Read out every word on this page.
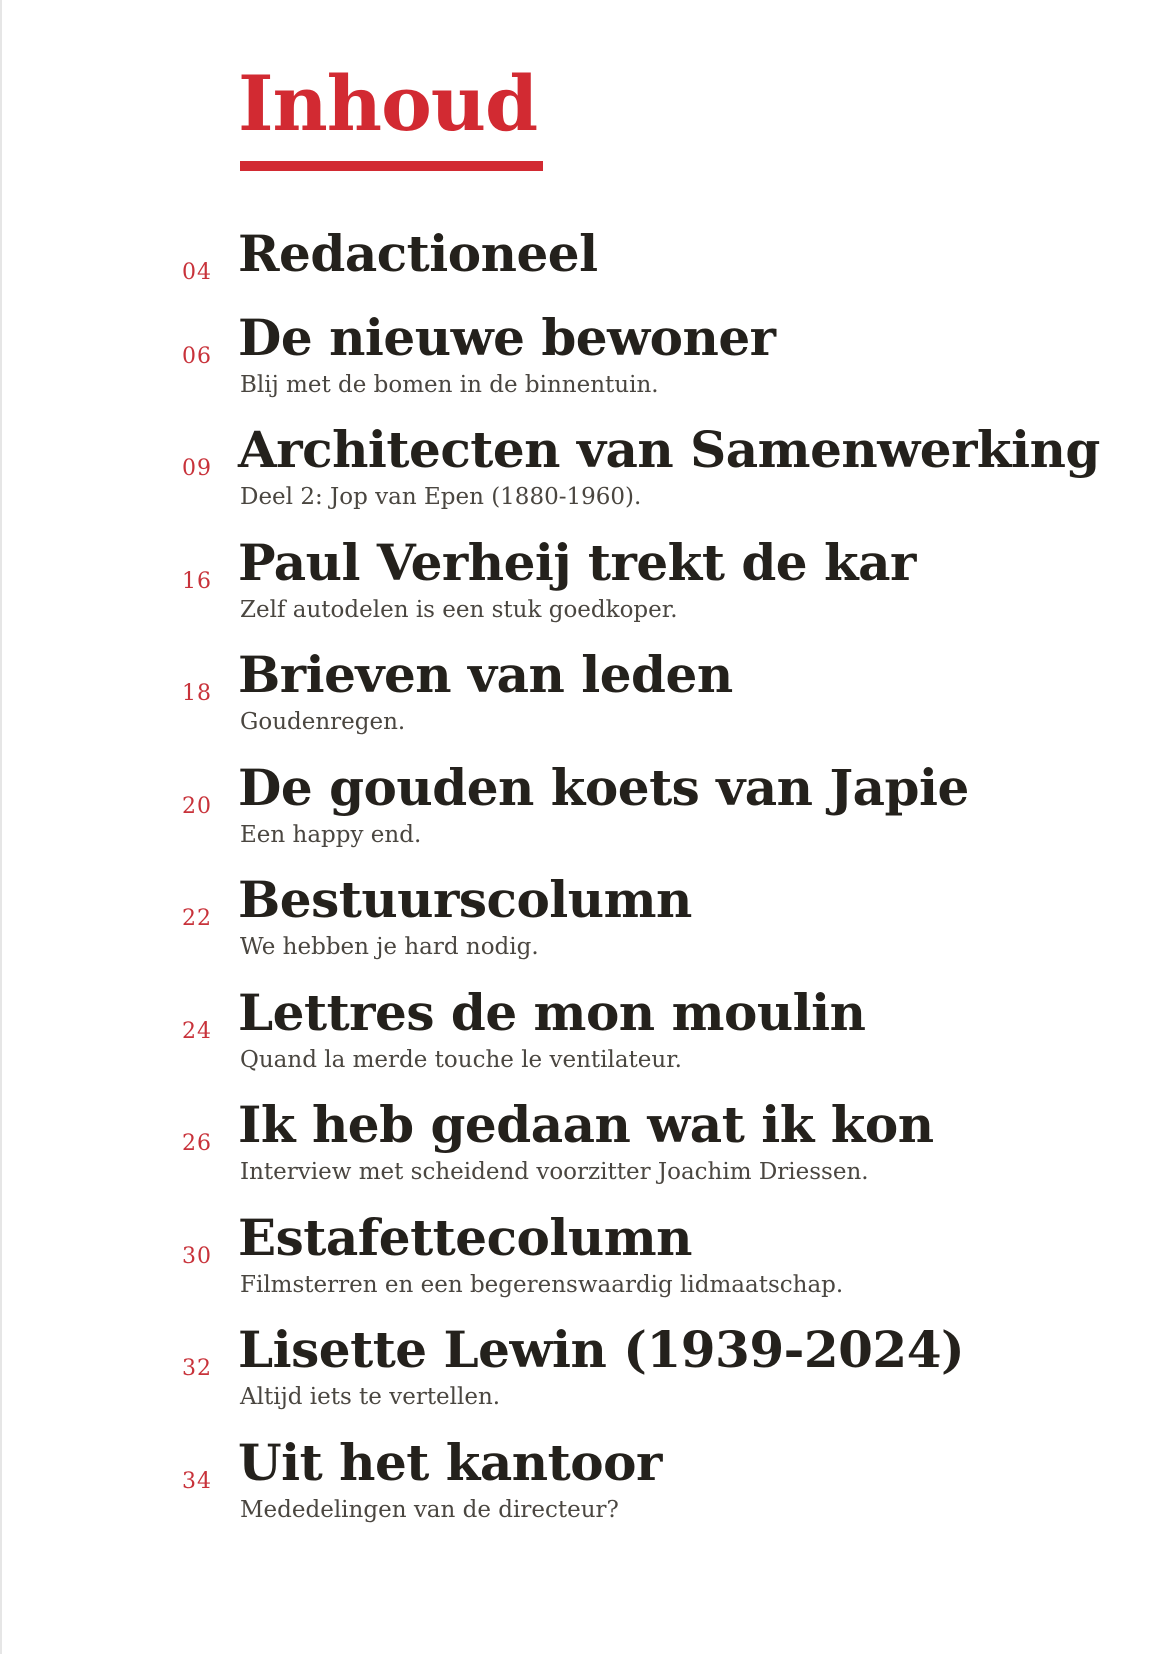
Inhoud
04 Redactioneel
06 De nieuwe bewoner
Blij met de bomen in de binnentuin.
09 Architecten van Samenwerking
Deel 2: Jop van Epen (1880-1960).
16 Paul Verheij trekt de kar
Zelf autodelen is een stuk goedkoper.
18 Brieven van leden
Goudenregen.
20 De gouden koets van Japie
Een happy end.
22 Bestuurscolumn
We hebben je hard nodig.
24 Lettres de mon moulin
Quand la merde touche le ventilateur.
26 Ik heb gedaan wat ik kon
Interview met scheidend voorzitter Joachim Driessen.
30 Estafettecolumn
Filmsterren en een begerenswaardig lidmaatschap.
32 Lisette Lewin (1939-2024)
Altijd iets te vertellen.
34 Uit het kantoor
Mededelingen van de directeur?
